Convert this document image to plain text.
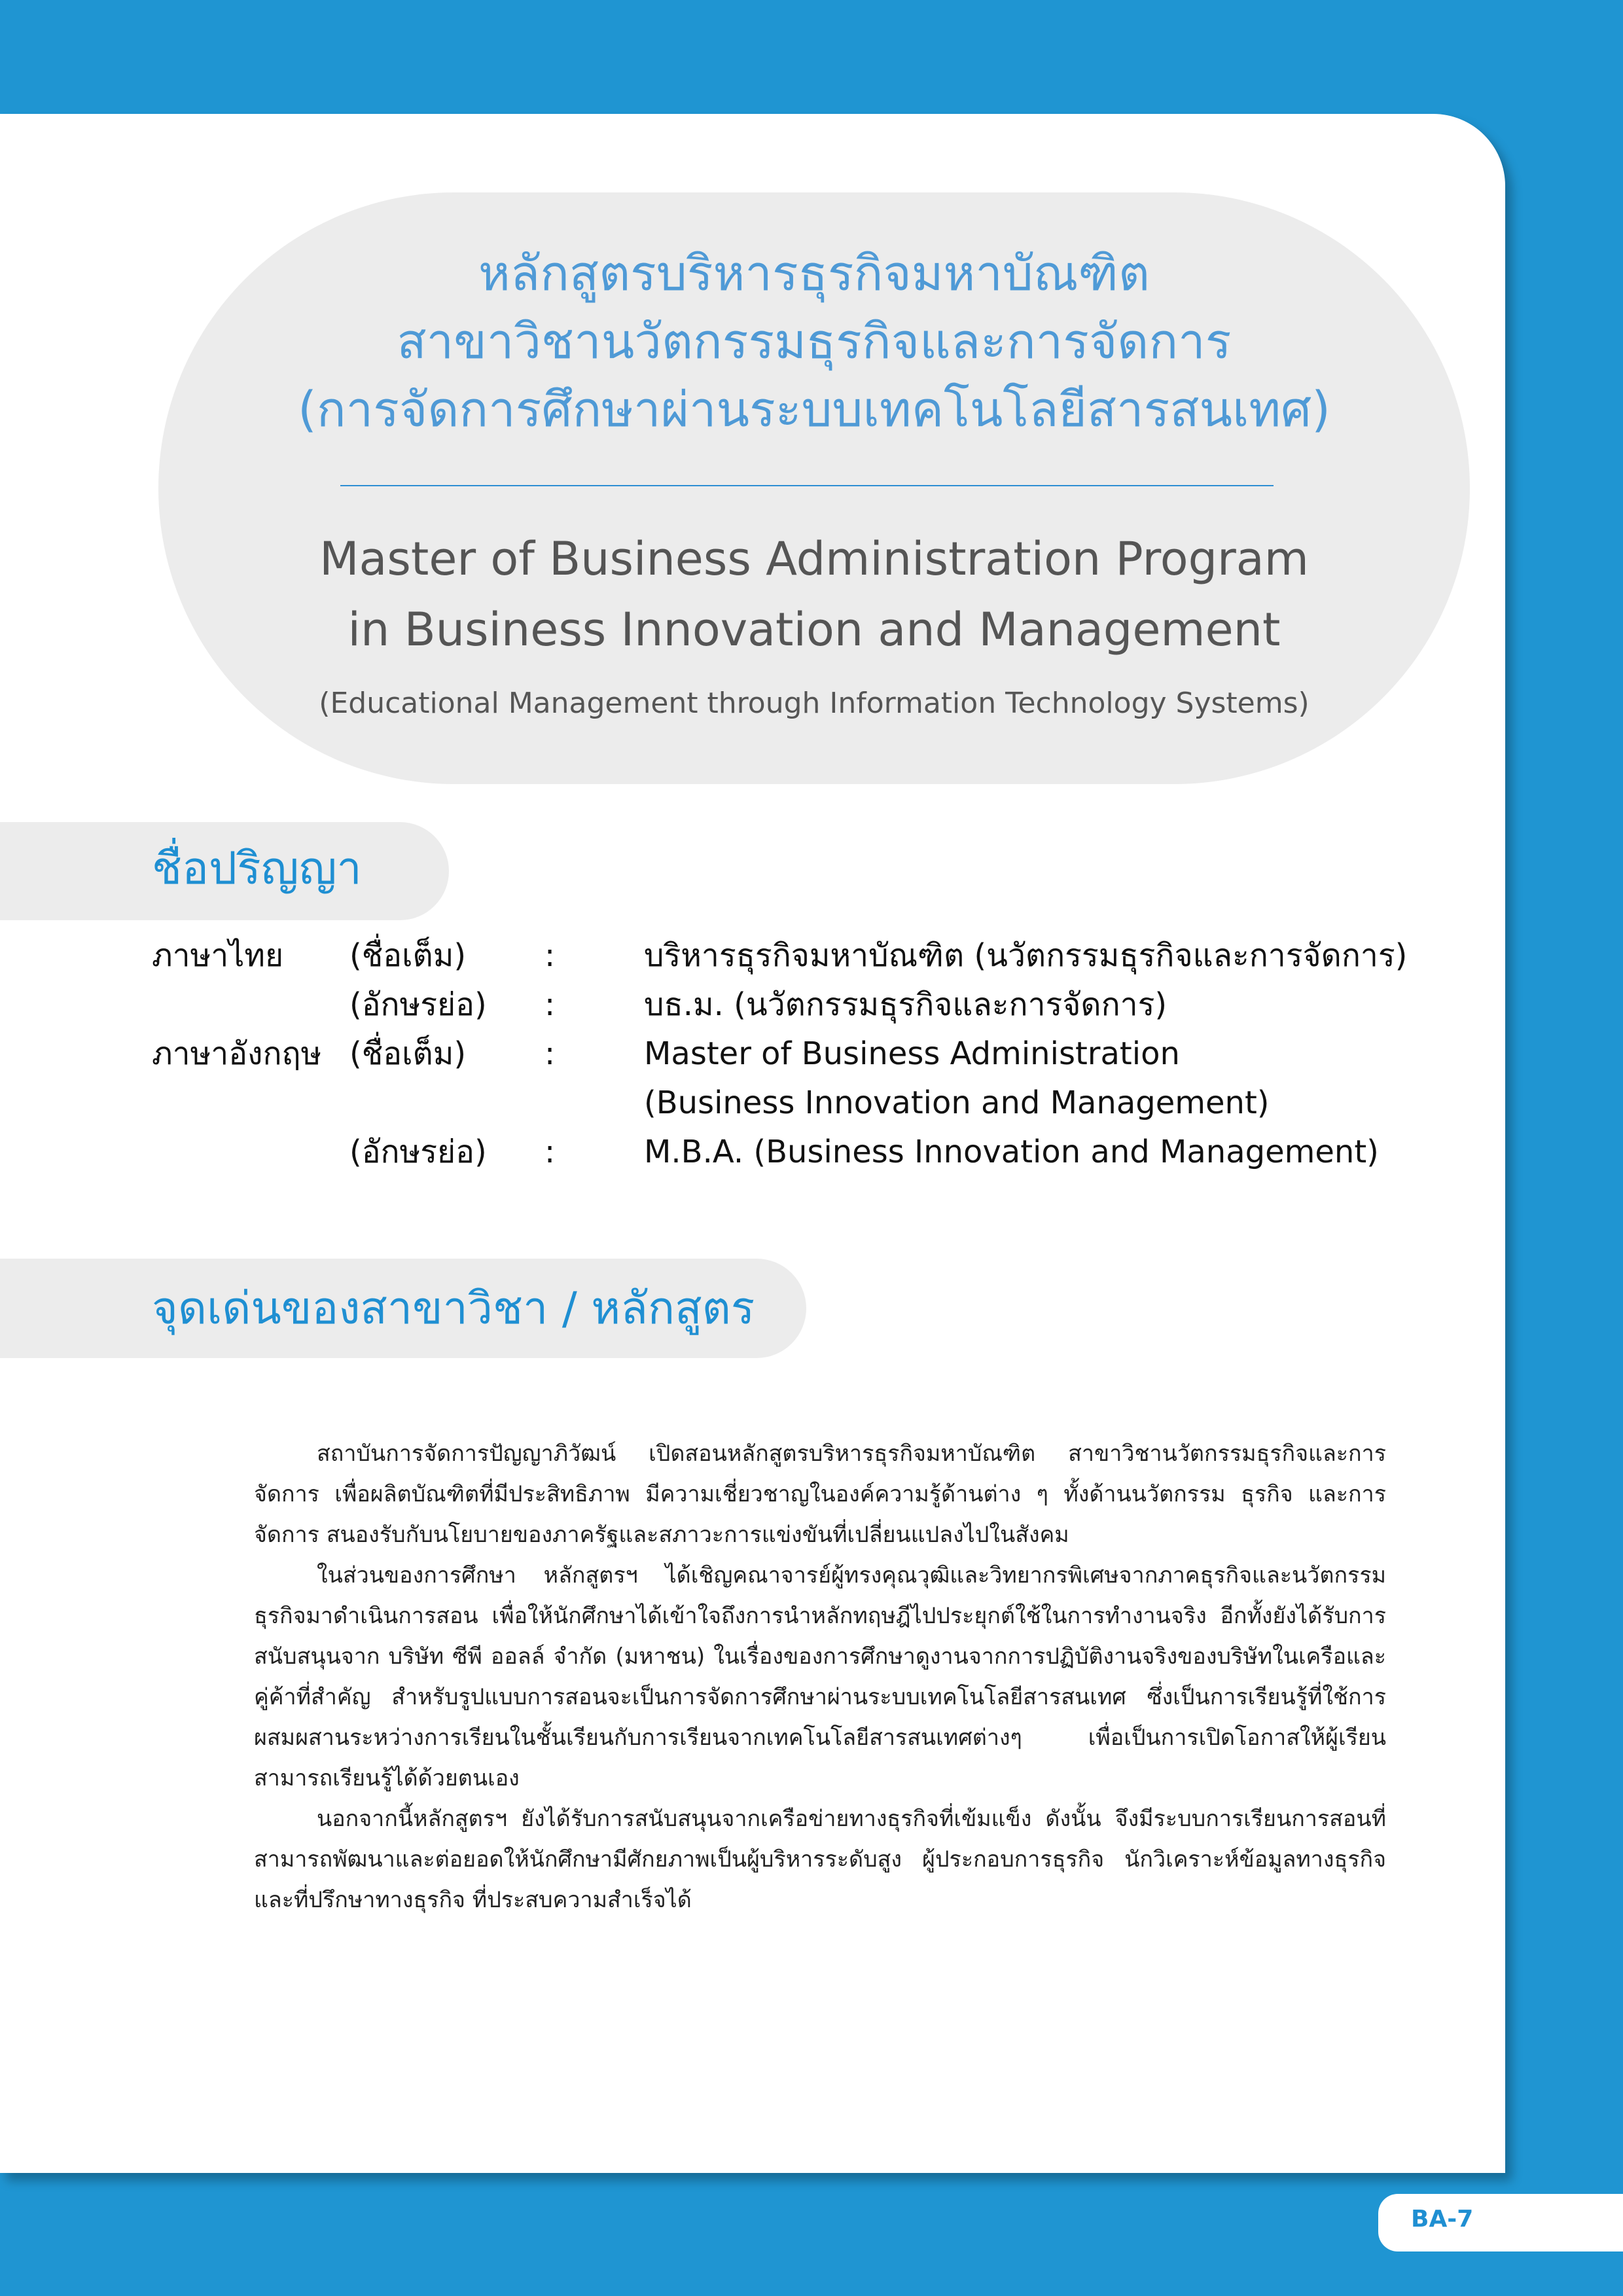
หลักสูตรบริหารธุรกิจมหาบัณฑิต
สาขาวิชานวัตกรรมธุรกิจและการจัดการ
(การจัดการศึกษาผ่านระบบเทคโนโลยีสารสนเทศ)
Master of Business Administration Program
in Business Innovation and Management
(Educational Management through Information Technology Systems)
ชื่อปริญญา
ภาษาไทย (ชื่อเต็ม) :	บริหารธุรกิจมหาบัณฑิต (นวัตกรรมธุรกิจและการจัดการ)
(อักษรย่อ) :	บธ.ม. (นวัตกรรมธุรกิจและการจัดการ)
ภาษาอังกฤษ (ชื่อเต็ม) :	Master of Business Administration
(Business Innovation and Management)
(อักษรย่อ) :	M.B.A. (Business Innovation and Management)
จุดเด่นของสาขาวิชา / หลักสูตร

สถาบันการจัดการปัญญาภิวัฒน์ เปิดสอนหลักสูตรบริหารธุรกิจมหาบัณฑิต สาขาวิชานวัตกรรมธุรกิจและการจัดการ เพื่อผลิตบัณฑิตที่มีประสิทธิภาพ มีความเชี่ยวชาญในองค์ความรู้ด้านต่าง ๆ ทั้งด้านนวัตกรรม ธุรกิจ และการจัดการ สนองรับกับนโยบายของภาครัฐและสภาวะการแข่งขันที่เปลี่ยนแปลงไปในสังคม

ในส่วนของการศึกษา หลักสูตรฯ ได้เชิญคณาจารย์ผู้ทรงคุณวุฒิและวิทยากรพิเศษจากภาคธุรกิจและนวัตกรรมธุรกิจมาดำเนินการสอน เพื่อให้นักศึกษาได้เข้าใจถึงการนำหลักทฤษฎีไปประยุกต์ใช้ในการทำงานจริง อีกทั้งยังได้รับการสนับสนุนจาก บริษัท ซีพี ออลล์ จำกัด (มหาชน) ในเรื่องของการศึกษาดูงานจากการปฏิบัติงานจริงของบริษัทในเครือและคู่ค้าที่สำคัญ สำหรับรูปแบบการสอนจะเป็นการจัดการศึกษาผ่านระบบเทคโนโลยีสารสนเทศ ซึ่งเป็นการเรียนรู้ที่ใช้การผสมผสานระหว่างการเรียนในชั้นเรียนกับการเรียนจากเทคโนโลยีสารสนเทศต่างๆ เพื่อเป็นการเปิดโอกาสให้ผู้เรียนสามารถเรียนรู้ได้ด้วยตนเอง

นอกจากนี้หลักสูตรฯ ยังได้รับการสนับสนุนจากเครือข่ายทางธุรกิจที่เข้มแข็ง ดังนั้น จึงมีระบบการเรียนการสอนที่สามารถพัฒนาและต่อยอดให้นักศึกษามีศักยภาพเป็นผู้บริหารระดับสูง ผู้ประกอบการธุรกิจ นักวิเคราะห์ข้อมูลทางธุรกิจ และที่ปรึกษาทางธุรกิจ ที่ประสบความสำเร็จได้

BA-7
